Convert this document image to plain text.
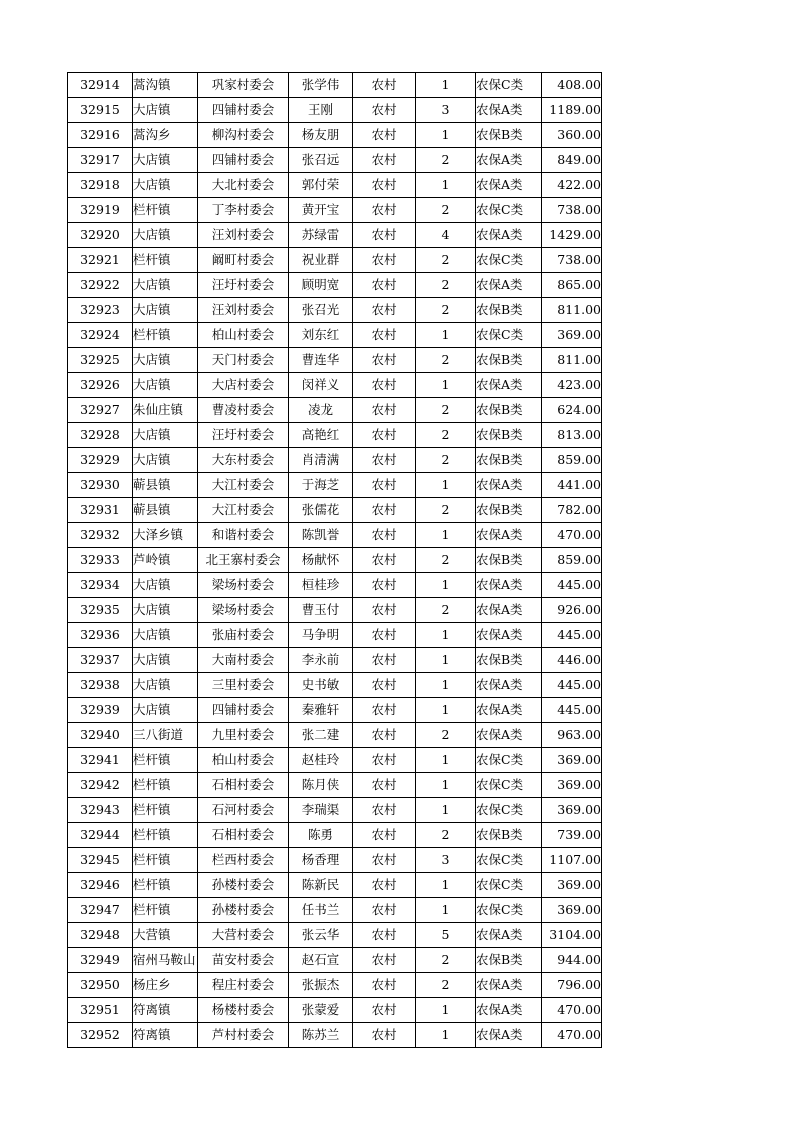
32914	蒿沟镇	巩家村委会	张学伟	农村	1	农保C类	408.00
32915	大店镇	四铺村委会	王刚	农村	3	农保A类	1189.00
32916	蒿沟乡	柳沟村委会	杨友朋	农村	1	农保B类	360.00
32917	大店镇	四铺村委会	张召远	农村	2	农保A类	849.00
32918	大店镇	大北村委会	郭付荣	农村	1	农保A类	422.00
32919	栏杆镇	丁李村委会	黄开宝	农村	2	农保C类	738.00
32920	大店镇	汪刘村委会	苏绿雷	农村	4	农保A类	1429.00
32921	栏杆镇	阚町村委会	祝业群	农村	2	农保C类	738.00
32922	大店镇	汪圩村委会	顾明宽	农村	2	农保A类	865.00
32923	大店镇	汪刘村委会	张召光	农村	2	农保B类	811.00
32924	栏杆镇	柏山村委会	刘东红	农村	1	农保C类	369.00
32925	大店镇	天门村委会	曹连华	农村	2	农保B类	811.00
32926	大店镇	大店村委会	闵祥义	农村	1	农保A类	423.00
32927	朱仙庄镇	曹凌村委会	凌龙	农村	2	农保B类	624.00
32928	大店镇	汪圩村委会	高艳红	农村	2	农保B类	813.00
32929	大店镇	大东村委会	肖清满	农村	2	农保B类	859.00
32930	蕲县镇	大江村委会	于海芝	农村	1	农保A类	441.00
32931	蕲县镇	大江村委会	张儒花	农村	2	农保B类	782.00
32932	大泽乡镇	和谐村委会	陈凯誉	农村	1	农保A类	470.00
32933	芦岭镇	北王寨村委会	杨献怀	农村	2	农保B类	859.00
32934	大店镇	梁场村委会	桓桂珍	农村	1	农保A类	445.00
32935	大店镇	梁场村委会	曹玉付	农村	2	农保A类	926.00
32936	大店镇	张庙村委会	马争明	农村	1	农保A类	445.00
32937	大店镇	大南村委会	李永前	农村	1	农保B类	446.00
32938	大店镇	三里村委会	史书敏	农村	1	农保A类	445.00
32939	大店镇	四铺村委会	秦雅轩	农村	1	农保A类	445.00
32940	三八街道	九里村委会	张二建	农村	2	农保A类	963.00
32941	栏杆镇	柏山村委会	赵桂玲	农村	1	农保C类	369.00
32942	栏杆镇	石相村委会	陈月侠	农村	1	农保C类	369.00
32943	栏杆镇	石河村委会	李瑞渠	农村	1	农保C类	369.00
32944	栏杆镇	石相村委会	陈勇	农村	2	农保B类	739.00
32945	栏杆镇	栏西村委会	杨香理	农村	3	农保C类	1107.00
32946	栏杆镇	孙楼村委会	陈新民	农村	1	农保C类	369.00
32947	栏杆镇	孙楼村委会	任书兰	农村	1	农保C类	369.00
32948	大营镇	大营村委会	张云华	农村	5	农保A类	3104.00
32949	宿州马鞍山	苗安村委会	赵石宣	农村	2	农保B类	944.00
32950	杨庄乡	程庄村委会	张振杰	农村	2	农保A类	796.00
32951	符离镇	杨楼村委会	张蒙爱	农村	1	农保A类	470.00
32952	符离镇	芦村村委会	陈苏兰	农村	1	农保A类	470.00
